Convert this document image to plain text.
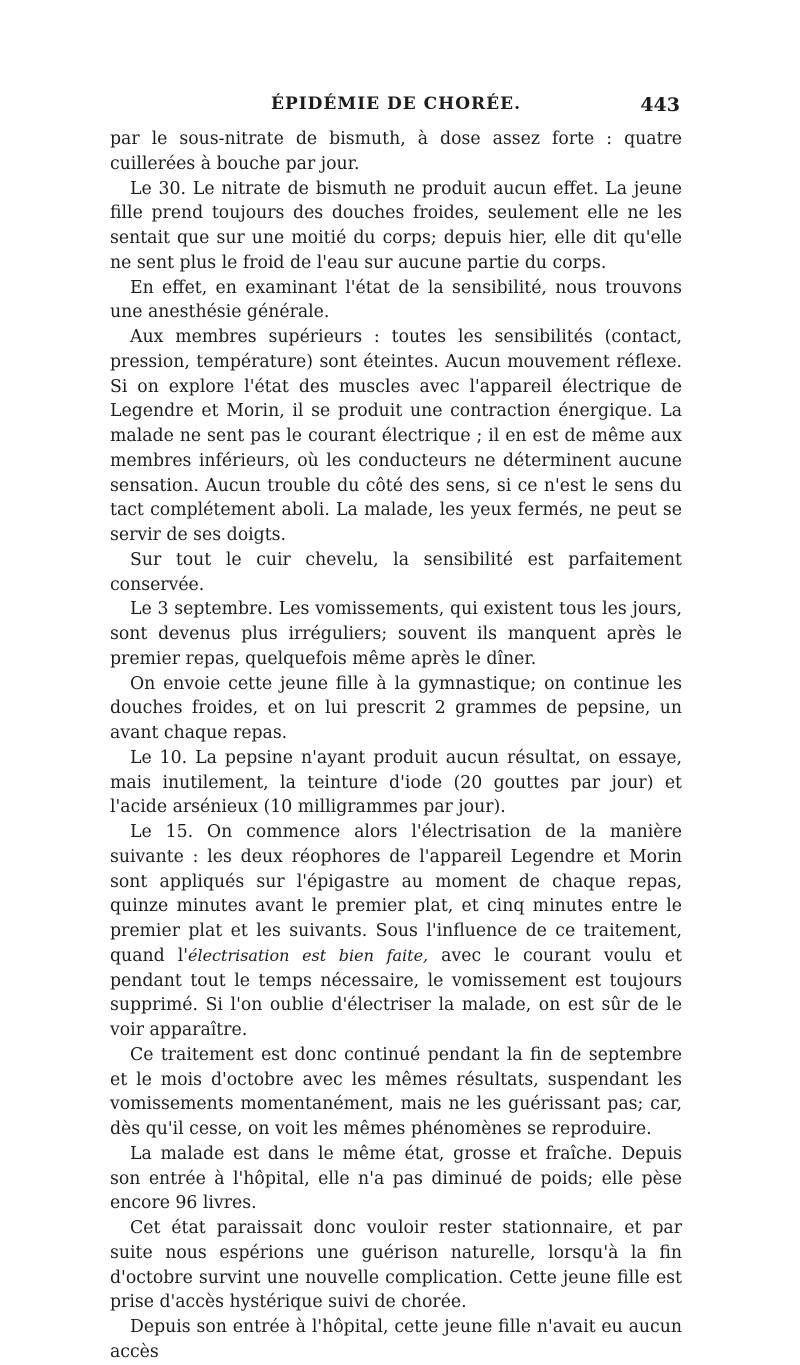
ÉPIDÉMIE DE CHORÉE.	443

par le sous-nitrate de bismuth, à dose assez forte : quatre cuillerées à bouche par jour.

Le 30. Le nitrate de bismuth ne produit aucun effet. La jeune fille prend toujours des douches froides, seulement elle ne les sentait que sur une moitié du corps; depuis hier, elle dit qu'elle ne sent plus le froid de l'eau sur aucune partie du corps.

En effet, en examinant l'état de la sensibilité, nous trouvons une anesthésie générale.

Aux membres supérieurs : toutes les sensibilités (contact, pression, température) sont éteintes. Aucun mouvement réflexe. Si on explore l'état des muscles avec l'appareil électrique de Legendre et Morin, il se produit une contraction énergique. La malade ne sent pas le courant électrique ; il en est de même aux membres inférieurs, où les conducteurs ne déterminent aucune sensation. Aucun trouble du côté des sens, si ce n'est le sens du tact complétement aboli. La malade, les yeux fermés, ne peut se servir de ses doigts.

Sur tout le cuir chevelu, la sensibilité est parfaitement conservée.

Le 3 septembre. Les vomissements, qui existent tous les jours, sont devenus plus irréguliers; souvent ils manquent après le premier repas, quelquefois même après le dîner.

On envoie cette jeune fille à la gymnastique; on continue les douches froides, et on lui prescrit 2 grammes de pepsine, un avant chaque repas.

Le 10. La pepsine n'ayant produit aucun résultat, on essaye, mais inutilement, la teinture d'iode (20 gouttes par jour) et l'acide arsénieux (10 milligrammes par jour).

Le 15. On commence alors l'électrisation de la manière suivante : les deux réophores de l'appareil Legendre et Morin sont appliqués sur l'épigastre au moment de chaque repas, quinze minutes avant le premier plat, et cinq minutes entre le premier plat et les suivants. Sous l'influence de ce traitement, quand l'électrisation est bien faite, avec le courant voulu et pendant tout le temps nécessaire, le vomissement est toujours supprimé. Si l'on oublie d'électriser la malade, on est sûr de le voir apparaître.

Ce traitement est donc continué pendant la fin de septembre et le mois d'octobre avec les mêmes résultats, suspendant les vomissements momentanément, mais ne les guérissant pas; car, dès qu'il cesse, on voit les mêmes phénomènes se reproduire.

La malade est dans le même état, grosse et fraîche. Depuis son entrée à l'hôpital, elle n'a pas diminué de poids; elle pèse encore 96 livres.

Cet état paraissait donc vouloir rester stationnaire, et par suite nous espérions une guérison naturelle, lorsqu'à la fin d'octobre survint une nouvelle complication. Cette jeune fille est prise d'accès hystérique suivi de chorée.

Depuis son entrée à l'hôpital, cette jeune fille n'avait eu aucun accès
